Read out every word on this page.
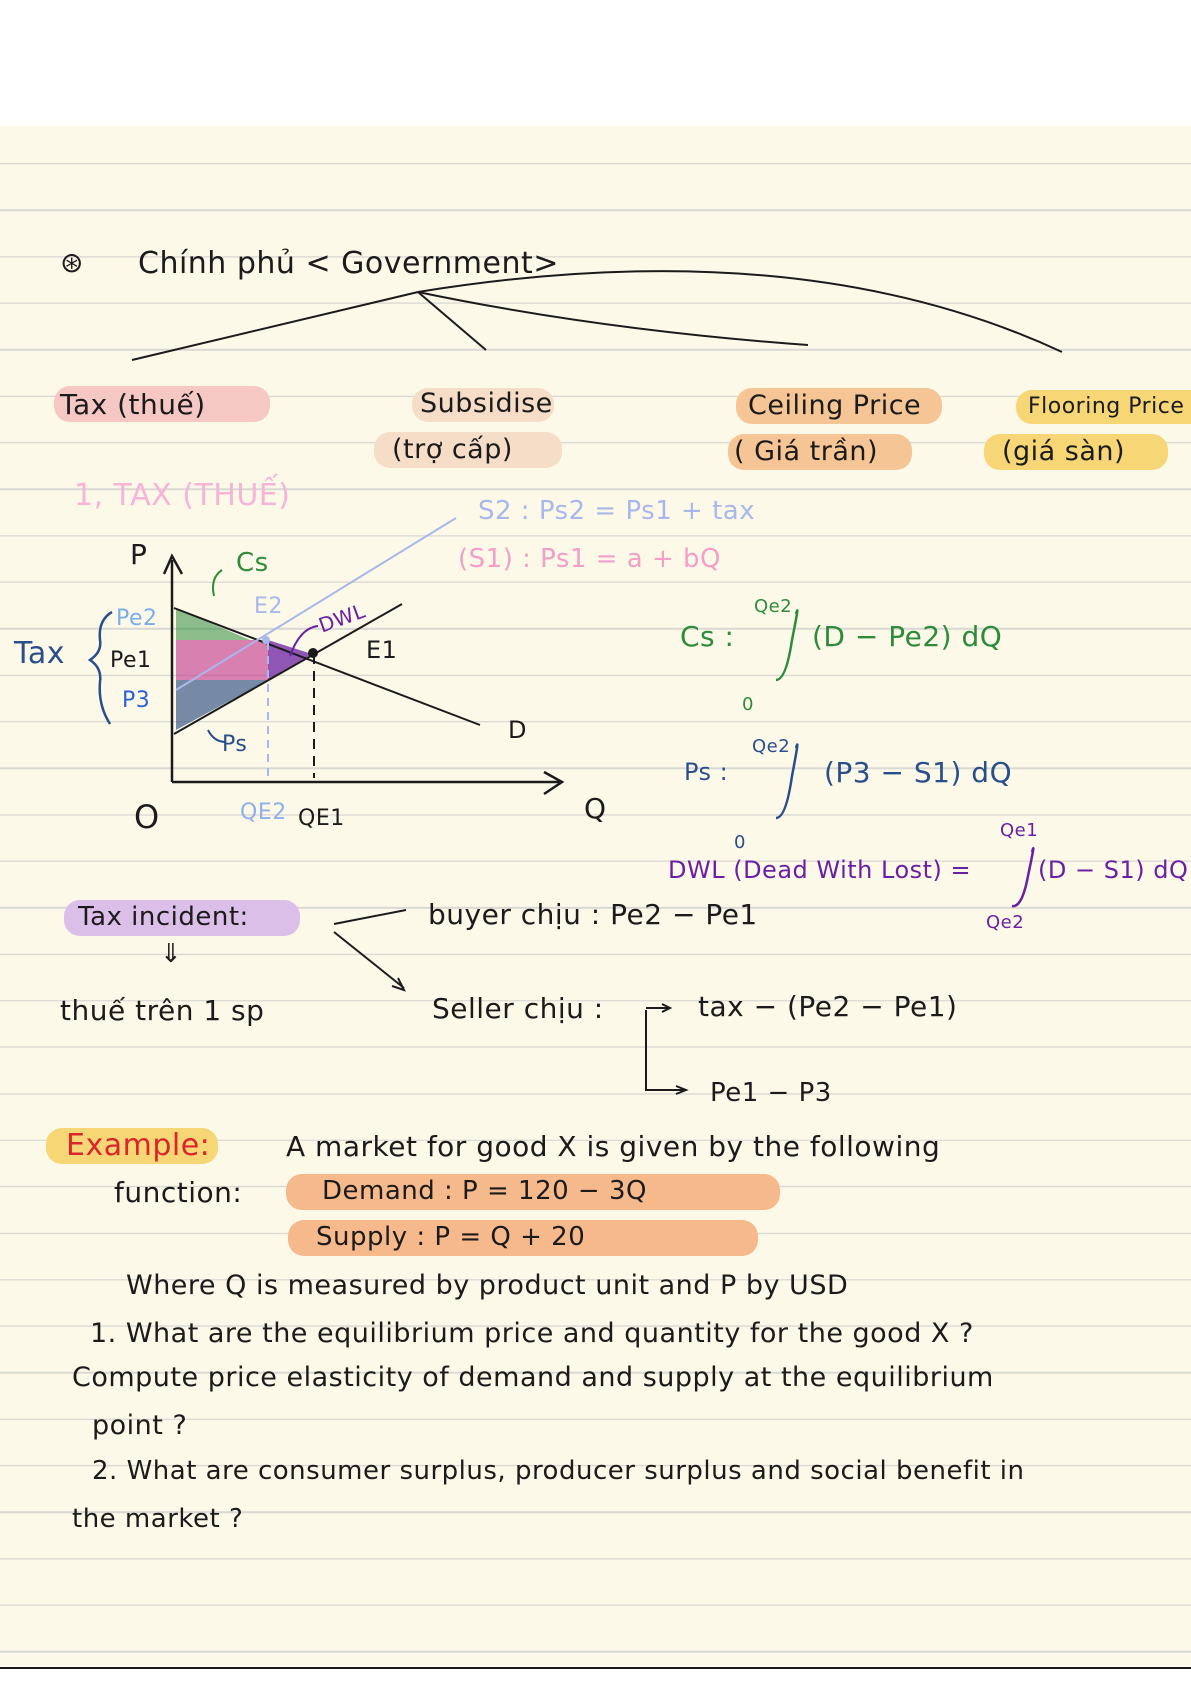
⇓
⊛ Chính phủ < Government>
Tax (thuế)	Subsidise
(trợ cấp)
Ceiling Price
( Giá trần)
Flooring Price
(giá sàn)
1, TAX (THUẾ)	S2 : Ps2 = Ps1 + tax
(S1) : Ps1 = a + bQ
P
Q
O
Cs
Ps
DWL
E1
E2
D
Tax
Pe2
Pe1
P3
QE1
QE2
Cs :
Qe2
0
(D − Pe2) dQ
Ps :
Qe2
0
(P3 − S1) dQ
DWL (Dead With Lost) =
Qe1
Qe2
(D − S1) dQ
Tax incident:
thuế trên 1 sp
buyer chịu : Pe2 − Pe1
Seller chịu :	tax − (Pe2 − Pe1)
Pe1 − P3
Example:	A market for good X is given by the following
function:	Demand : P = 120 − 3Q
Supply : P = Q + 20
Where Q is measured by product unit and P by USD
1. What are the equilibrium price and quantity for the good X ?
Compute price elasticity of demand and supply at the equilibrium
point ?
2. What are consumer surplus, producer surplus and social benefit in
the market ?
